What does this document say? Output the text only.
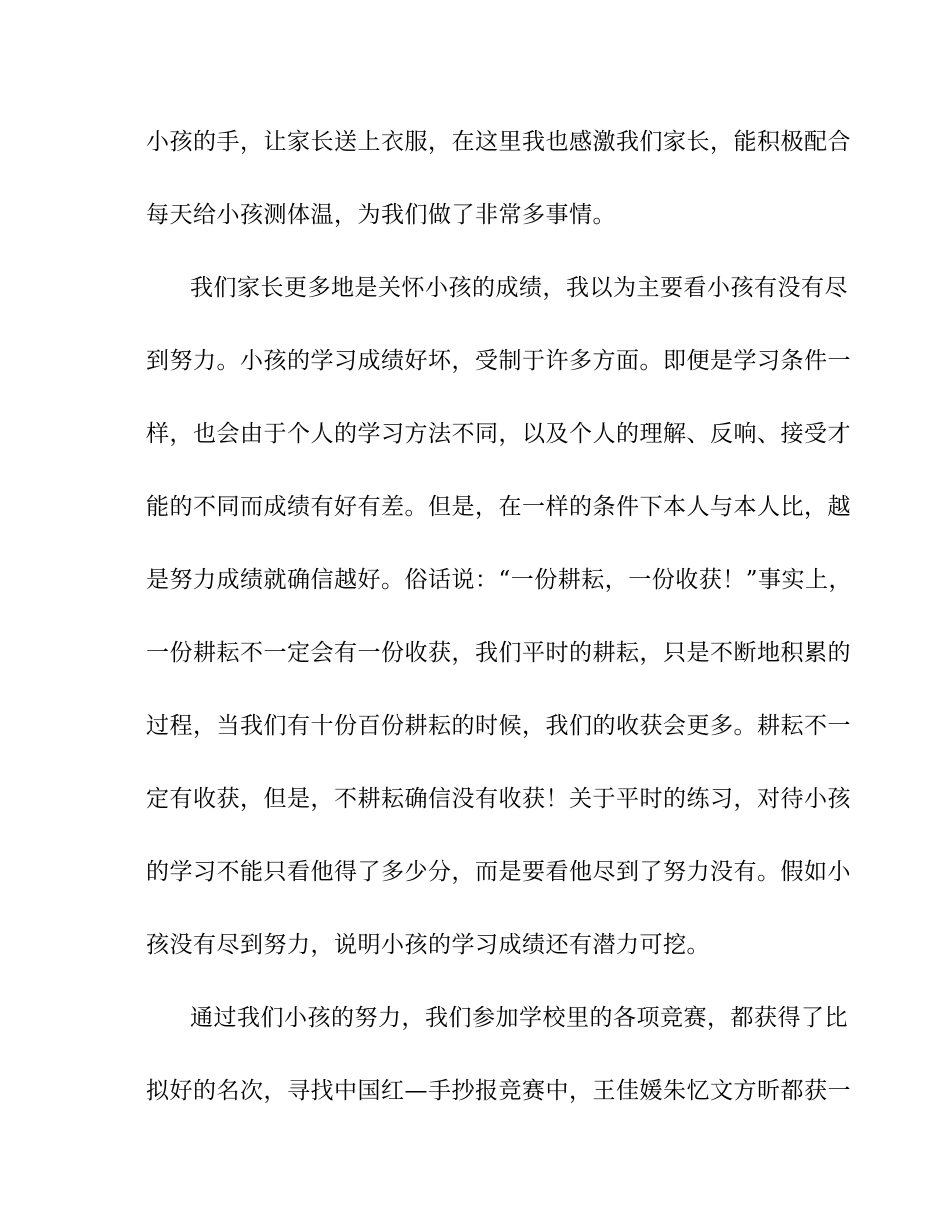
小孩的手，让家长送上衣服，在这里我也感激我们家长，能积极配合
每天给小孩测体温，为我们做了非常多事情。
我们家长更多地是关怀小孩的成绩，我以为主要看小孩有没有尽
到努力。小孩的学习成绩好坏，受制于许多方面。即便是学习条件一
样，也会由于个人的学习方法不同，以及个人的理解、反响、接受才
能的不同而成绩有好有差。但是，在一样的条件下本人与本人比，越
是努力成绩就确信越好。俗话说：“一份耕耘，一份收获！”事实上，
一份耕耘不一定会有一份收获，我们平时的耕耘，只是不断地积累的
过程，当我们有十份百份耕耘的时候，我们的收获会更多。耕耘不一
定有收获，但是，不耕耘确信没有收获！关于平时的练习，对待小孩
的学习不能只看他得了多少分，而是要看他尽到了努力没有。假如小
孩没有尽到努力，说明小孩的学习成绩还有潜力可挖。
通过我们小孩的努力，我们参加学校里的各项竞赛，都获得了比
拟好的名次，寻找中国红—手抄报竞赛中，王佳媛朱忆文方昕都获一
